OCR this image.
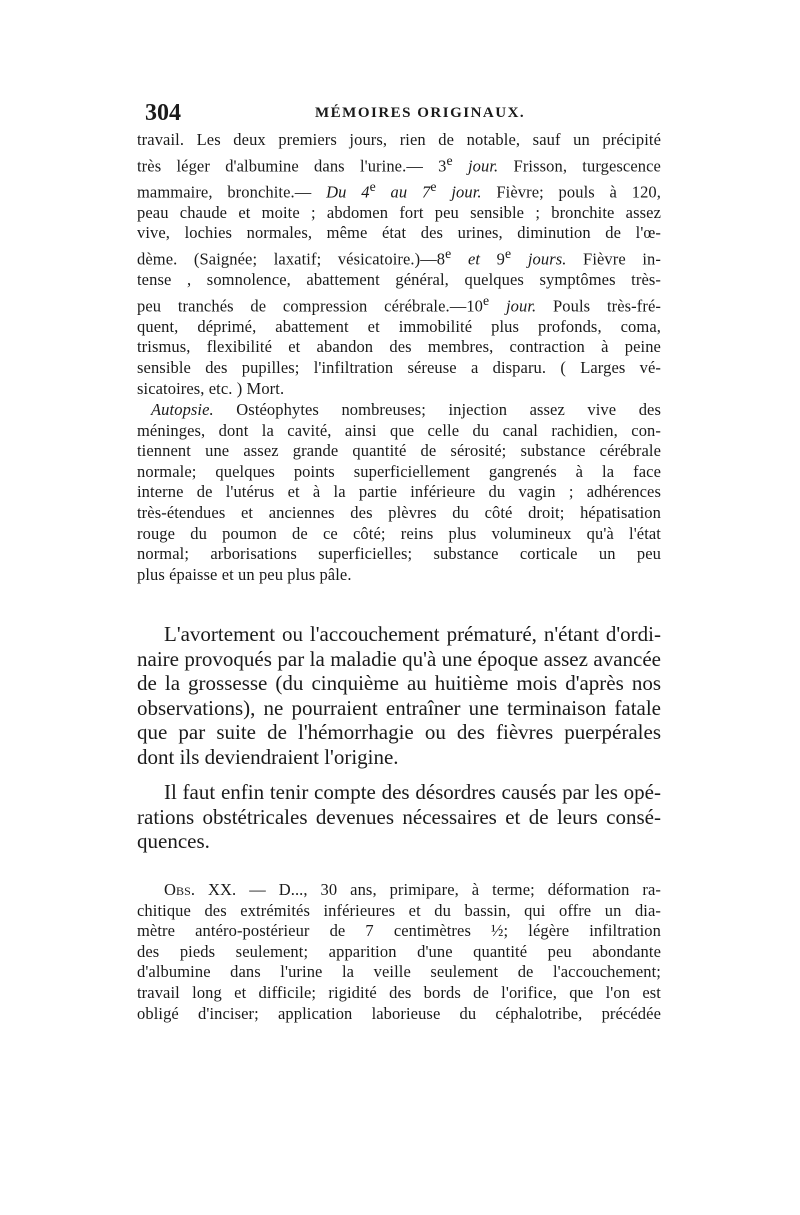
304	MÉMOIRES ORIGINAUX.
travail. Les deux premiers jours, rien de notable, sauf un précipité
très léger d'albumine dans l'urine.— 3e jour. Frisson, turgescence
mammaire, bronchite.— Du 4e au 7e jour. Fièvre; pouls à 120,
peau chaude et moite ; abdomen fort peu sensible ; bronchite assez
vive, lochies normales, même état des urines, diminution de l'œ-
dème. (Saignée; laxatif; vésicatoire.)—8e et 9e jours. Fièvre in-
tense , somnolence, abattement général, quelques symptômes très-
peu tranchés de compression cérébrale.—10e jour. Pouls très-fré-
quent, déprimé, abattement et immobilité plus profonds, coma,
trismus, flexibilité et abandon des membres, contraction à peine
sensible des pupilles; l'infiltration séreuse a disparu. ( Larges vé-
sicatoires, etc. ) Mort.
Autopsie. Ostéophytes nombreuses; injection assez vive des
méninges, dont la cavité, ainsi que celle du canal rachidien, con-
tiennent une assez grande quantité de sérosité; substance cérébrale
normale; quelques points superficiellement gangrenés à la face
interne de l'utérus et à la partie inférieure du vagin ; adhérences
très-étendues et anciennes des plèvres du côté droit; hépatisation
rouge du poumon de ce côté; reins plus volumineux qu'à l'état
normal; arborisations superficielles; substance corticale un peu
plus épaisse et un peu plus pâle.
L'avortement ou l'accouchement prématuré, n'étant d'ordi-
naire provoqués par la maladie qu'à une époque assez avancée
de la grossesse (du cinquième au huitième mois d'après nos
observations), ne pourraient entraîner une terminaison fatale
que par suite de l'hémorrhagie ou des fièvres puerpérales
dont ils deviendraient l'origine.
Il faut enfin tenir compte des désordres causés par les opé-
rations obstétricales devenues nécessaires et de leurs consé-
quences.
Obs. XX. — D..., 30 ans, primipare, à terme; déformation ra-
chitique des extrémités inférieures et du bassin, qui offre un dia-
mètre antéro-postérieur de 7 centimètres ½; légère infiltration
des pieds seulement; apparition d'une quantité peu abondante
d'albumine dans l'urine la veille seulement de l'accouchement;
travail long et difficile; rigidité des bords de l'orifice, que l'on est
obligé d'inciser; application laborieuse du céphalotribe, précédée
